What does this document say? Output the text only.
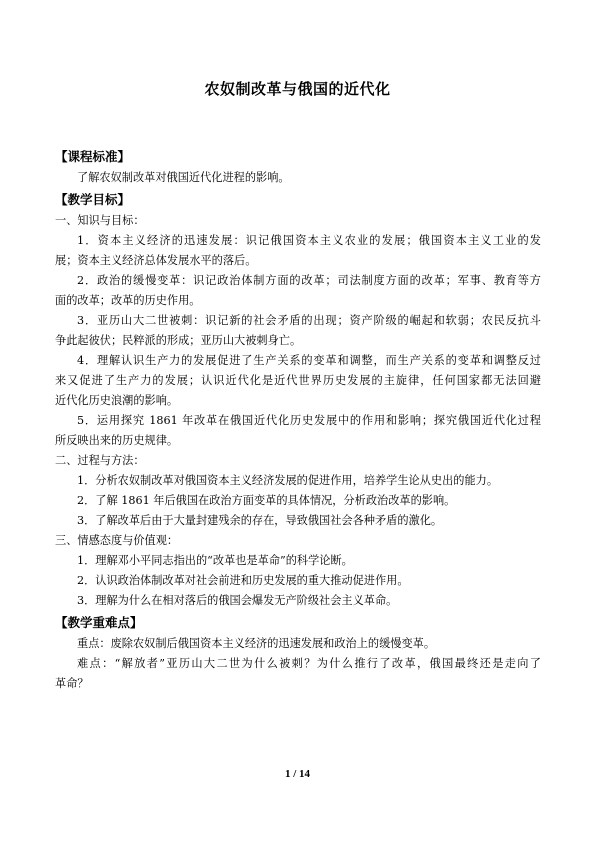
农奴制改革与俄国的近代化
【课程标准】
了解农奴制改革对俄国近代化进程的影响。
【教学目标】
一、知识与目标：
1．资本主义经济的迅速发展：识记俄国资本主义农业的发展；俄国资本主义工业的发
展；资本主义经济总体发展水平的落后。
2．政治的缓慢变革：识记政治体制方面的改革；司法制度方面的改革；军事、教育等方
面的改革；改革的历史作用。
3．亚历山大二世被刺：识记新的社会矛盾的出现；资产阶级的崛起和软弱；农民反抗斗
争此起彼伏；民粹派的形成；亚历山大被刺身亡。
4．理解认识生产力的发展促进了生产关系的变革和调整，而生产关系的变革和调整反过
来又促进了生产力的发展；认识近代化是近代世界历史发展的主旋律，任何国家都无法回避
近代化历史浪潮的影响。
5．运用探究 1861 年改革在俄国近代化历史发展中的作用和影响；探究俄国近代化过程
所反映出来的历史规律。
二、过程与方法：
1．分析农奴制改革对俄国资本主义经济发展的促进作用，培养学生论从史出的能力。
2．了解 1861 年后俄国在政治方面变革的具体情况，分析政治改革的影响。
3．了解改革后由于大量封建残余的存在，导致俄国社会各种矛盾的激化。
三、情感态度与价值观：
1．理解邓小平同志指出的“改革也是革命”的科学论断。
2．认识政治体制改革对社会前进和历史发展的重大推动促进作用。
3．理解为什么在相对落后的俄国会爆发无产阶级社会主义革命。
【教学重难点】
重点：废除农奴制后俄国资本主义经济的迅速发展和政治上的缓慢变革。
难点：“解放者”亚历山大二世为什么被刺？为什么推行了改革，俄国最终还是走向了
革命？
1 / 14
